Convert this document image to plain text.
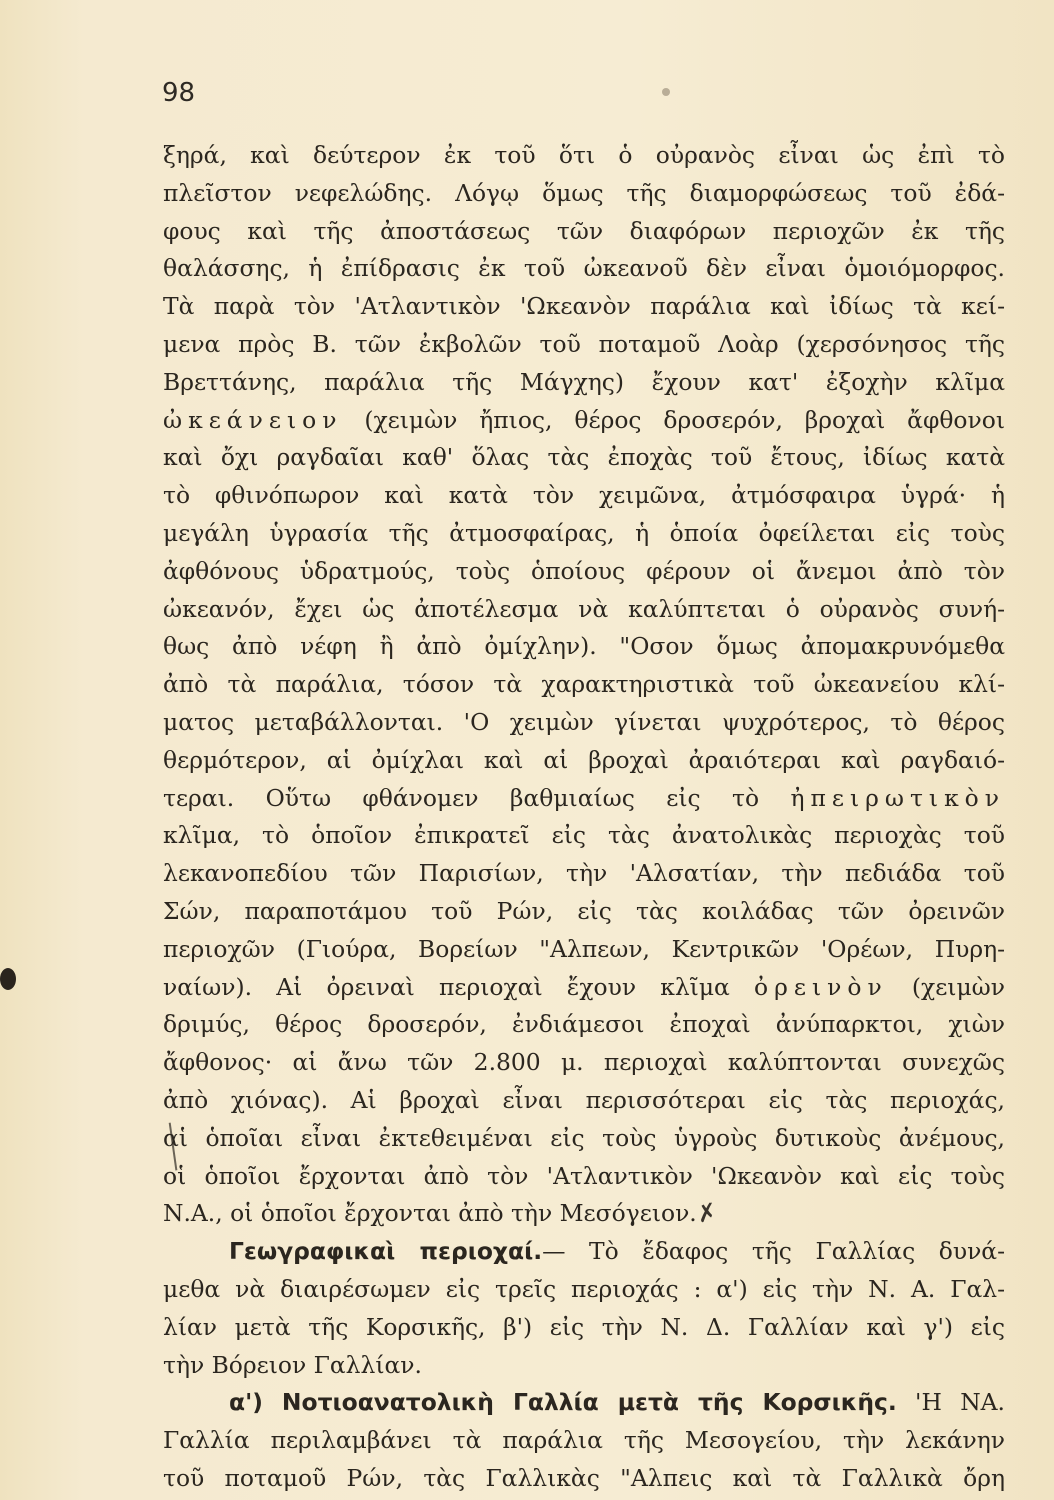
98
ξηρά, καὶ δεύτερον ἐκ τοῦ ὅτι ὁ οὐρανὸς εἶναι ὡς ἐπὶ τὸ
πλεῖστον νεφελώδης. Λόγῳ ὅμως τῆς διαμορφώσεως τοῦ ἐδά-
φους καὶ τῆς ἀποστάσεως τῶν διαφόρων περιοχῶν ἐκ τῆς
θαλάσσης, ἡ ἐπίδρασις ἐκ τοῦ ὠκεανοῦ δὲν εἶναι ὁμοιόμορφος.
Τὰ παρὰ τὸν 'Ατλαντικὸν 'Ωκεανὸν παράλια καὶ ἰδίως τὰ κεί-
μενα πρὸς Β. τῶν ἐκβολῶν τοῦ ποταμοῦ Λοὰρ (χερσόνησος τῆς
Βρεττάνης, παράλια τῆς Μάγχης) ἔχουν κατ' ἐξοχὴν κλῖμα
ὠκεάνειον (χειμὼν ἤπιος, θέρος δροσερόν, βροχαὶ ἄφθονοι
καὶ ὄχι ραγδαῖαι καθ' ὅλας τὰς ἐποχὰς τοῦ ἔτους, ἰδίως κατὰ
τὸ φθινόπωρον καὶ κατὰ τὸν χειμῶνα, ἀτμόσφαιρα ὑγρά· ἡ
μεγάλη ὑγρασία τῆς ἀτμοσφαίρας, ἡ ὁποία ὀφείλεται εἰς τοὺς
ἀφθόνους ὑδρατμούς, τοὺς ὁποίους φέρουν οἱ ἄνεμοι ἀπὸ τὸν
ὠκεανόν, ἔχει ὡς ἀποτέλεσμα νὰ καλύπτεται ὁ οὐρανὸς συνή-
θως ἀπὸ νέφη ἢ ἀπὸ ὀμίχλην). "Οσον ὅμως ἀπομακρυνόμεθα
ἀπὸ τὰ παράλια, τόσον τὰ χαρακτηριστικὰ τοῦ ὠκεανείου κλί-
ματος μεταβάλλονται. 'Ο χειμὼν γίνεται ψυχρότερος, τὸ θέρος
θερμότερον, αἱ ὀμίχλαι καὶ αἱ βροχαὶ ἀραιότεραι καὶ ραγδαιό-
τεραι. Οὕτω φθάνομεν βαθμιαίως εἰς τὸ ἠπειρωτικὸν
κλῖμα, τὸ ὁποῖον ἐπικρατεῖ εἰς τὰς ἀνατολικὰς περιοχὰς τοῦ
λεκανοπεδίου τῶν Παρισίων, τὴν 'Αλσατίαν, τὴν πεδιάδα τοῦ
Σών, παραποτάμου τοῦ Ρών, εἰς τὰς κοιλάδας τῶν ὀρεινῶν
περιοχῶν (Γιούρα, Βορείων "Αλπεων, Κεντρικῶν 'Ορέων, Πυρη-
ναίων). Αἱ ὀρειναὶ περιοχαὶ ἔχουν κλῖμα ὀρεινὸν (χειμὼν
δριμύς, θέρος δροσερόν, ἐνδιάμεσοι ἐποχαὶ ἀνύπαρκτοι, χιὼν
ἄφθονος· αἱ ἄνω τῶν 2.800 μ. περιοχαὶ καλύπτονται συνεχῶς
ἀπὸ χιόνας). Αἱ βροχαὶ εἶναι περισσότεραι εἰς τὰς περιοχάς,
αἱ ὁποῖαι εἶναι ἐκτεθειμέναι εἰς τοὺς ὑγροὺς δυτικοὺς ἀνέμους,
οἱ ὁποῖοι ἔρχονται ἀπὸ τὸν 'Ατλαντικὸν 'Ωκεανὸν καὶ εἰς τοὺς
Ν.Α., οἱ ὁποῖοι ἔρχονται ἀπὸ τὴν Μεσόγειον.✗
Γεωγραφικαὶ περιοχαί.— Τὸ ἔδαφος τῆς Γαλλίας δυνά-
μεθα νὰ διαιρέσωμεν εἰς τρεῖς περιοχάς : α') εἰς τὴν Ν. Α. Γαλ-
λίαν μετὰ τῆς Κορσικῆς, β') εἰς τὴν Ν. Δ. Γαλλίαν καὶ γ') εἰς
τὴν Βόρειον Γαλλίαν.
α') Νοτιοανατολικὴ Γαλλία μετὰ τῆς Κορσικῆς. 'Η ΝΑ.
Γαλλία περιλαμβάνει τὰ παράλια τῆς Μεσογείου, τὴν λεκάνην
τοῦ ποταμοῦ Ρών, τὰς Γαλλικὰς "Αλπεις καὶ τὰ Γαλλικὰ ὄρη
